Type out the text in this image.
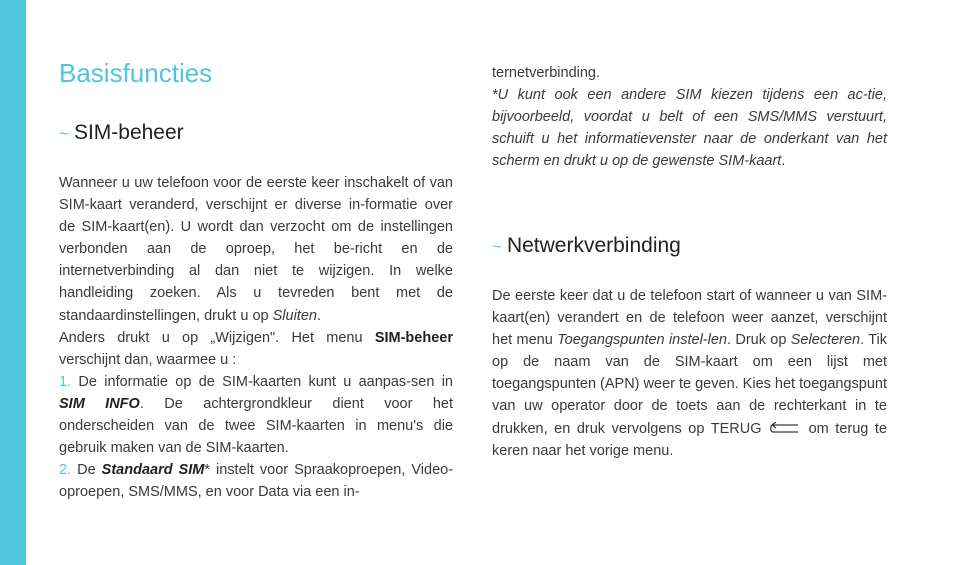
Basisfuncties
~ SIM-beheer
Wanneer u uw telefoon voor de eerste keer inschakelt of van SIM-kaart veranderd, verschijnt er diverse in-formatie over de SIM-kaart(en). U wordt dan verzocht om de instellingen verbonden aan de oproep, het be-richt en de internetverbinding al dan niet te wijzigen. In welke handleiding zoeken. Als u tevreden bent met de standaardinstellingen, drukt u op Sluiten.
Anders drukt u op „Wijzigen". Het menu SIM-beheer verschijnt dan, waarmee u :
1. De informatie op de SIM-kaarten kunt u aanpas-sen in SIM INFO. De achtergrondkleur dient voor het onderscheiden van de twee SIM-kaarten in menu's die gebruik maken van de SIM-kaarten.
2. De Standaard SIM* instelt voor Spraakoproepen, Video-oproepen, SMS/MMS, en voor Data via een in-
ternetverbinding.
*U kunt ook een andere SIM kiezen tijdens een ac-tie, bijvoorbeeld, voordat u belt of een SMS/MMS verstuurt, schuift u het informatievenster naar de onderkant van het scherm en drukt u op de gewenste SIM-kaart.
~ Netwerkverbinding
De eerste keer dat u de telefoon start of wanneer u van SIM-kaart(en) verandert en de telefoon weer aanzet, verschijnt het menu Toegangspunten instel-len. Druk op Selecteren. Tik op de naam van de SIM-kaart om een lijst met toegangspunten (APN) weer te geven. Kies het toegangspunt van uw operator door de toets aan de rechterkant in te drukken, en druk vervolgens op TERUG	om terug te keren naar het vorige menu.
